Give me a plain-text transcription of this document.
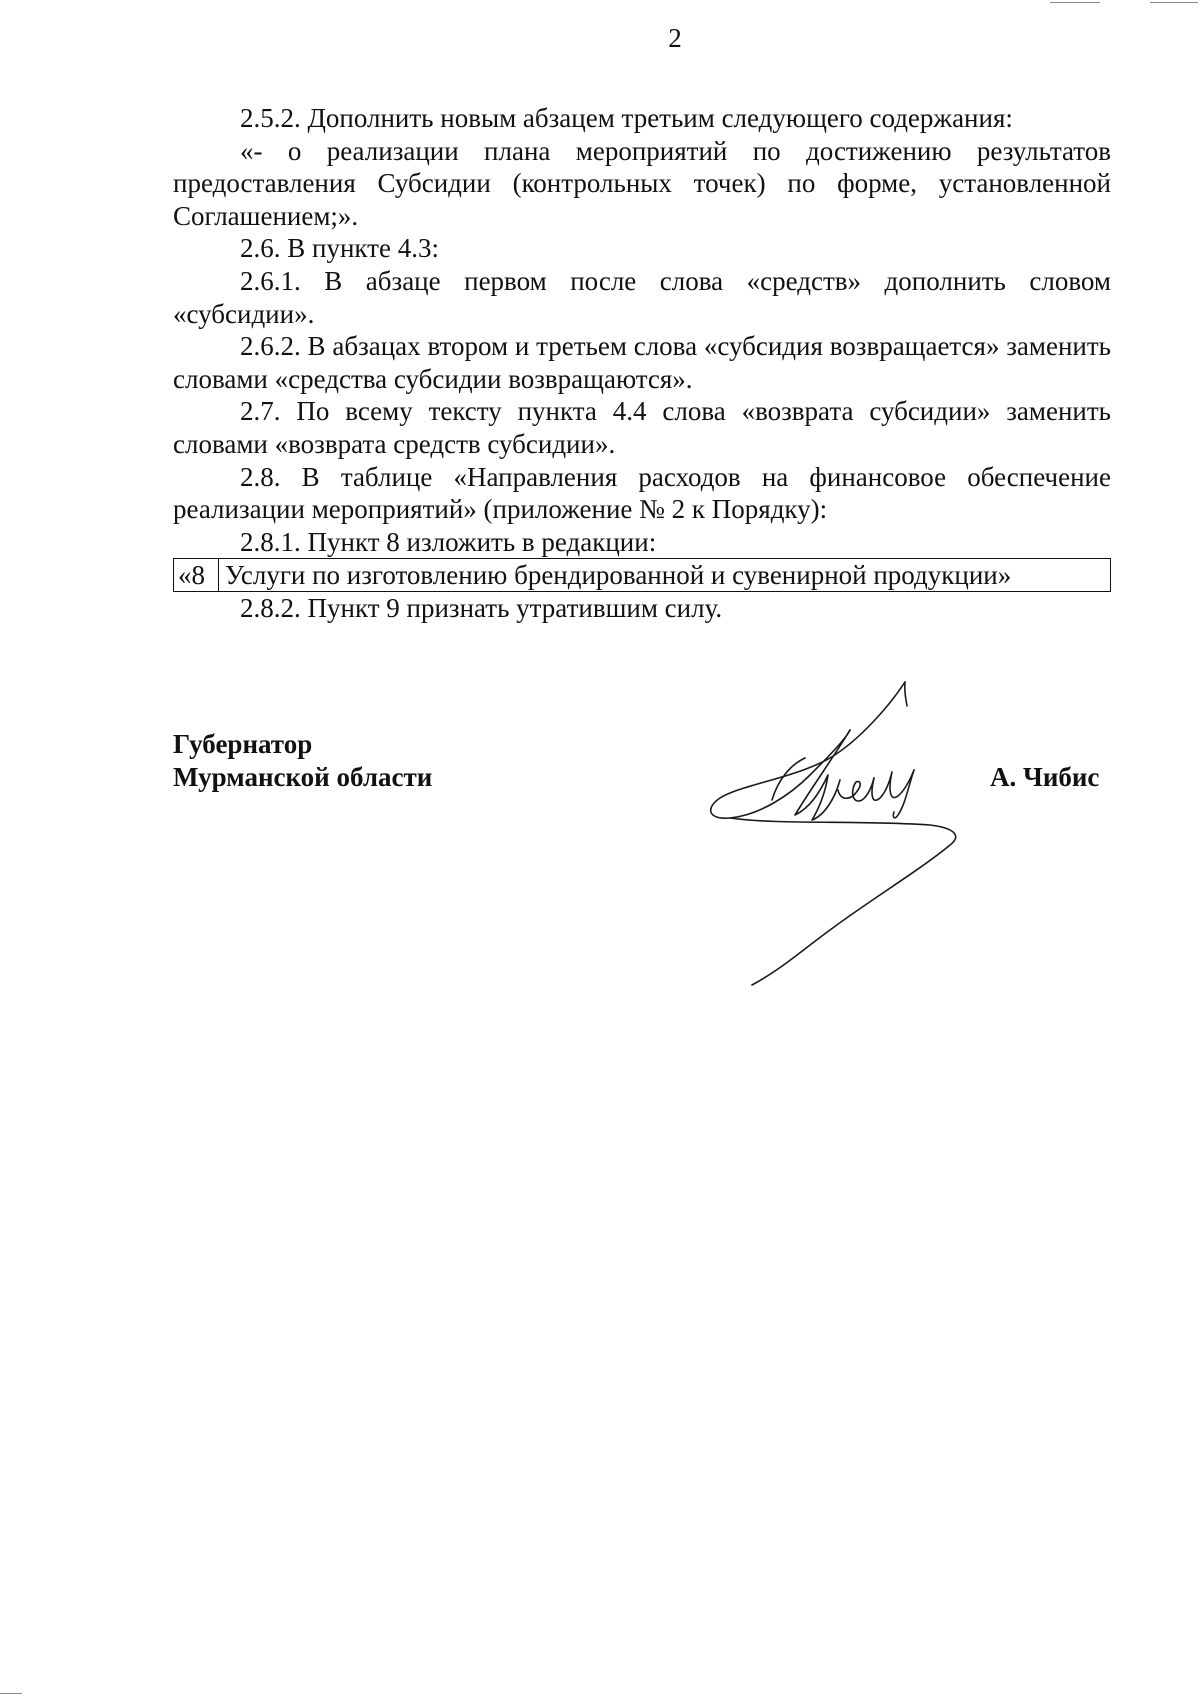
2

2.5.2. Дополнить новым абзацем третьим следующего содержания:

«- о реализации плана мероприятий по достижению результатов предоставления Субсидии (контрольных точек) по форме, установленной Соглашением;».

2.6. В пункте 4.3:

2.6.1. В абзаце первом после слова «средств» дополнить словом «субсидии».

2.6.2. В абзацах втором и третьем слова «субсидия возвращается» заменить словами «средства субсидии возвращаются».

2.7. По всему тексту пункта 4.4 слова «возврата субсидии» заменить словами «возврата средств субсидии».

2.8. В таблице «Направления расходов на финансовое обеспечение реализации мероприятий» (приложение № 2 к Порядку):

2.8.1. Пункт 8 изложить в редакции:

«8	Услуги по изготовлению брендированной и сувенирной продукции»

2.8.2. Пункт 9 признать утратившим силу.

Губернатор
Мурманской области	А. Чибис
